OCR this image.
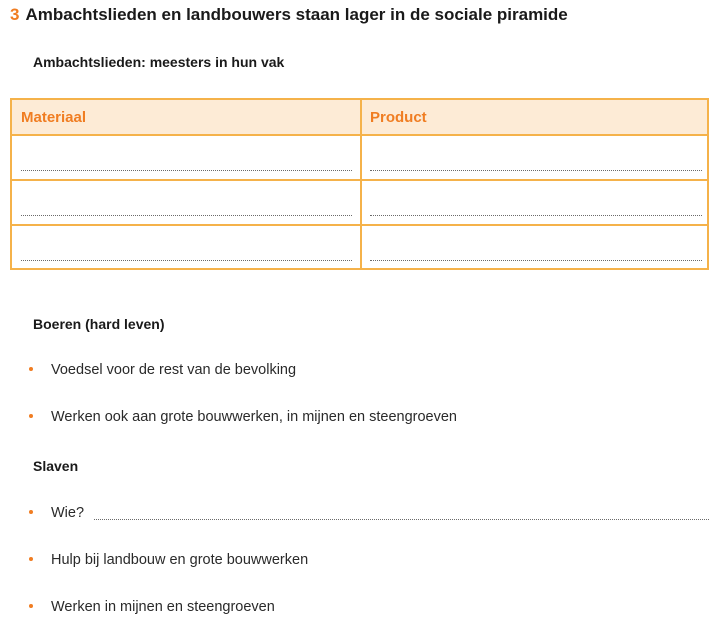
3 Ambachtslieden en landbouwers staan lager in de sociale piramide
Ambachtslieden: meesters in hun vak
Materiaal	Product
Boeren (hard leven)
Voedsel voor de rest van de bevolking
Werken ook aan grote bouwwerken, in mijnen en steengroeven
Slaven
Wie?
Hulp bij landbouw en grote bouwwerken
Werken in mijnen en steengroeven
